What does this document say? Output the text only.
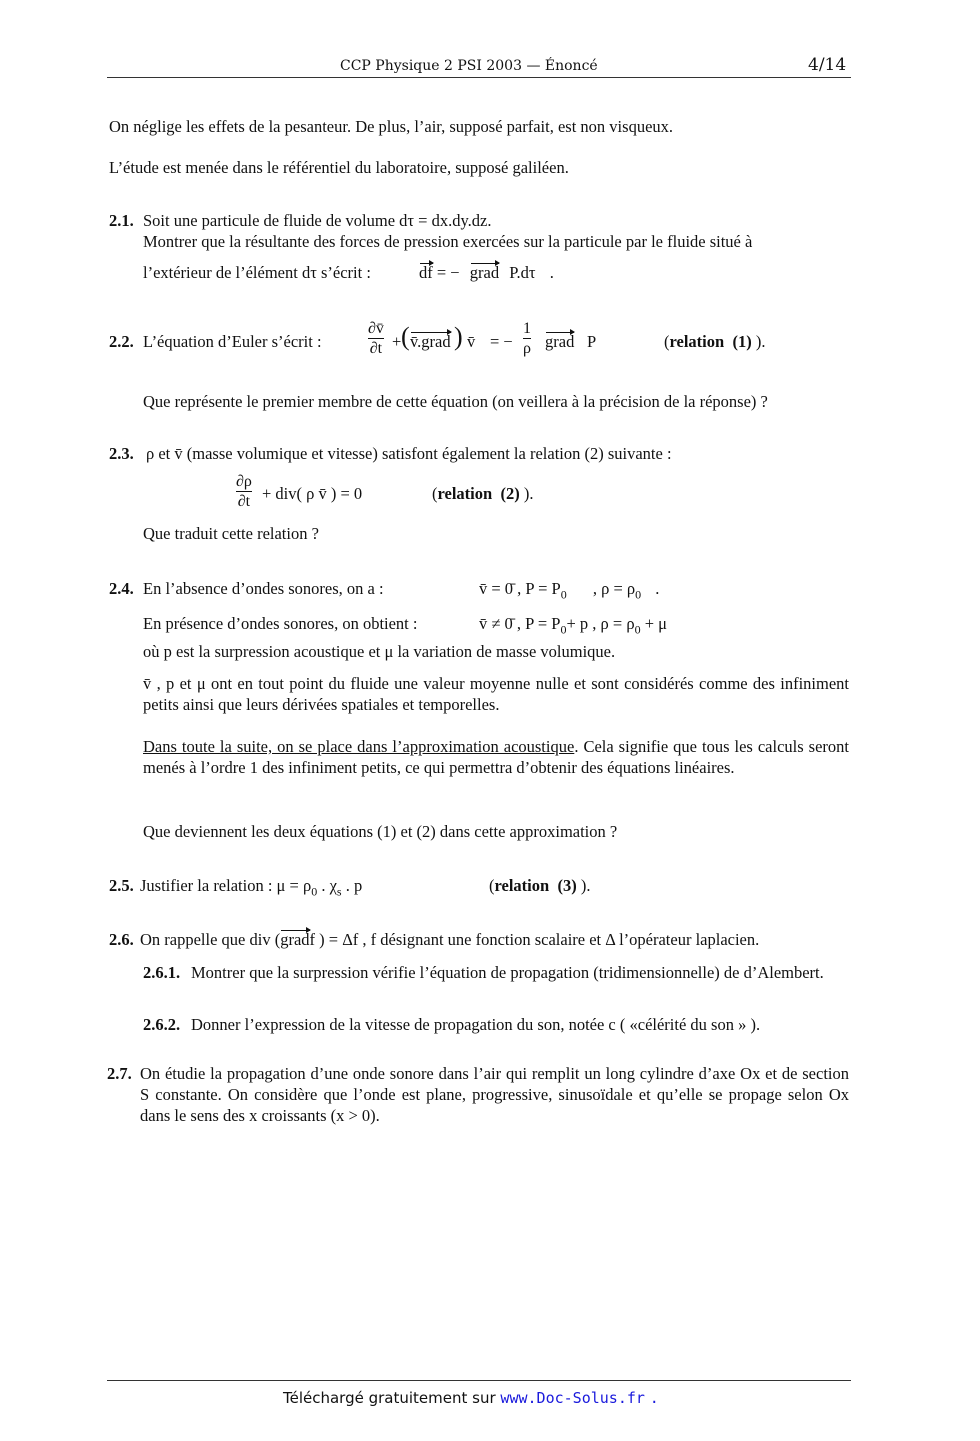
CCP Physique 2 PSI 2003 — Énoncé	4/14
On néglige les effets de la pesanteur. De plus, l’air, supposé parfait, est non visqueux.
L’étude est menée dans le référentiel du laboratoire, supposé galiléen.
2.1. Soit une particule de fluide de volume dτ = dx.dy.dz.
Montrer que la résultante des forces de pression exercées sur la particule par le fluide situé à
l’extérieur de l’élément dτ s’écrit :	df = − grad P.dτ .
2.2. L’équation d’Euler s’écrit :
∂v̄
∂t + ( v̄.grad ) v̄ = −
1
ρ grad P	(relation (1) ).
Que représente le premier membre de cette équation (on veillera à la précision de la réponse) ?
2.3. ρ et v̄ (masse volumique et vitesse) satisfont également la relation (2) suivante :
∂ρ
∂t + div( ρ v̄ ) = 0	(relation (2) ).
Que traduit cette relation ?
2.4. En l’absence d’ondes sonores, on a :	v̄ = 0̄ , $P = P_0$ , $\rho = \rho_0$ .
En présence d’ondes sonores, on obtient :	v̄ ≠ 0̄ , $P = P_0+ p$ , $\rho = \rho_0 + \mu$
où p est la surpression acoustique et μ la variation de masse volumique.
v̄ , p et μ ont en tout point du fluide une valeur moyenne nulle et sont considérés comme des infiniment petits ainsi que leurs dérivées spatiales et temporelles.
Dans toute la suite, on se place dans l’approximation acoustique. Cela signifie que tous les calculs seront menés à l’ordre 1 des infiniment petits, ce qui permettra d’obtenir des équations linéaires.
Que deviennent les deux équations (1) et (2) dans cette approximation ?
2.5. Justifier la relation : $\mu = \rho_0$ . $\chi_s$ . p	(relation (3) ).
2.6. On rappelle que div (gradf ) = Δf , f désignant une fonction scalaire et Δ l’opérateur laplacien.
2.6.1. Montrer que la surpression vérifie l’équation de propagation (tridimensionnelle) de d’Alembert.
2.6.2. Donner l’expression de la vitesse de propagation du son, notée c ( «célérité du son » ).
2.7. On étudie la propagation d’une onde sonore dans l’air qui remplit un long cylindre d’axe Ox et de section S constante. On considère que l’onde est plane, progressive, sinusoïdale et qu’elle se propage selon Ox dans le sens des x croissants (x > 0).
Téléchargé gratuitement sur www.Doc-Solus.fr .
